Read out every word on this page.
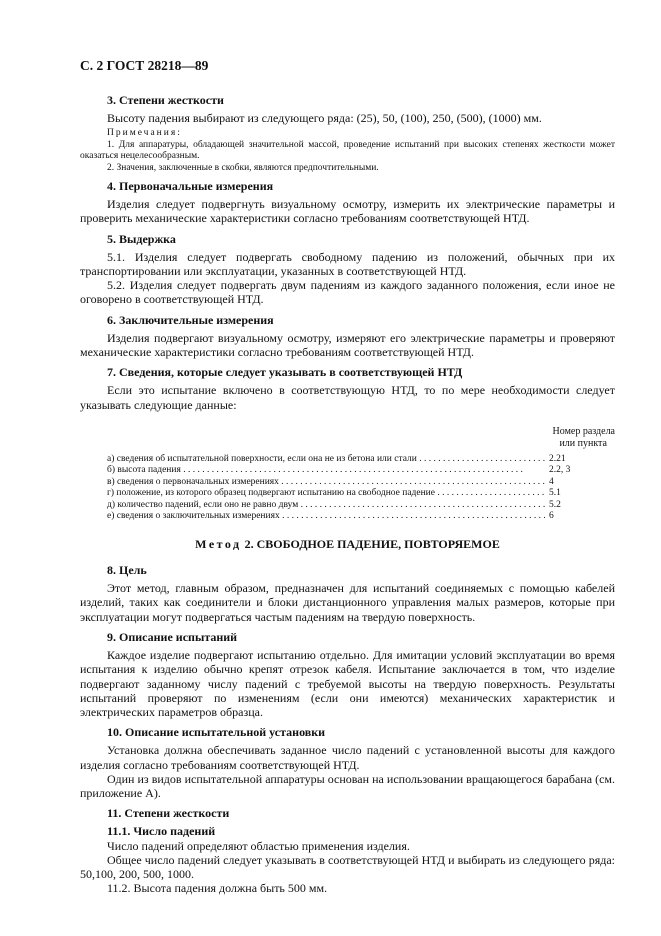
С. 2 ГОСТ 28218—89
3. Степени жесткости

Высоту падения выбирают из следующего ряда: (25), 50, (100), 250, (500), (1000) мм.

Примечания:
1. Для аппаратуры, обладающей значительной массой, проведение испытаний при высоких степенях жесткости может оказаться нецелесообразным.
2. Значения, заключенные в скобки, являются предпочтительными.
4. Первоначальные измерения

Изделия следует подвергнуть визуальному осмотру, измерить их электрические параметры и проверить механические характеристики согласно требованиям соответствующей НТД.

5. Выдержка

5.1. Изделия следует подвергать свободному падению из положений, обычных при их транспортировании или эксплуатации, указанных в соответствующей НТД.

5.2. Изделия следует подвергать двум падениям из каждого заданного положения, если иное не оговорено в соответствующей НТД.

6. Заключительные измерения

Изделия подвергают визуальному осмотру, измеряют его электрические параметры и проверяют механические характеристики согласно требованиям соответствующей НТД.

7. Сведения, которые следует указывать в соответствующей НТД

Если это испытание включено в соответствующую НТД, то по мере необходимости следует указывать следующие данные:

Номер раздела
или пункта
а) сведения об испытательной поверхности, если она не из бетона или стали . . .	2.21
б) высота падения . . .	2.2, 3
в) сведения о первоначальных измерениях . . .	4
г) положение, из которого образец подвергают испытанию на свободное падение . . .	5.1
д) количество падений, если оно не равно двум . . .	5.2
е) сведения о заключительных измерениях . . .	6
Метод 2. СВОБОДНОЕ ПАДЕНИЕ, ПОВТОРЯЕМОЕ
8. Цель

Этот метод, главным образом, предназначен для испытаний соединяемых с помощью кабелей изделий, таких как соединители и блоки дистанционного управления малых размеров, которые при эксплуатации могут подвергаться частым падениям на твердую поверхность.

9. Описание испытаний

Каждое изделие подвергают испытанию отдельно. Для имитации условий эксплуатации во время испытания к изделию обычно крепят отрезок кабеля. Испытание заключается в том, что изделие подвергают заданному числу падений с требуемой высоты на твердую поверхность. Результаты испытаний проверяют по изменениям (если они имеются) механических характеристик и электрических параметров образца.

10. Описание испытательной установки

Установка должна обеспечивать заданное число падений с установленной высоты для каждого изделия согласно требованиям соответствующей НТД.

Один из видов испытательной аппаратуры основан на использовании вращающегося барабана (см. приложение А).

11. Степени жесткости
11.1. Число падений

Число падений определяют областью применения изделия.

Общее число падений следует указывать в соответствующей НТД и выбирать из следующего ряда: 50,100, 200, 500, 1000.

11.2. Высота падения должна быть 500 мм.
